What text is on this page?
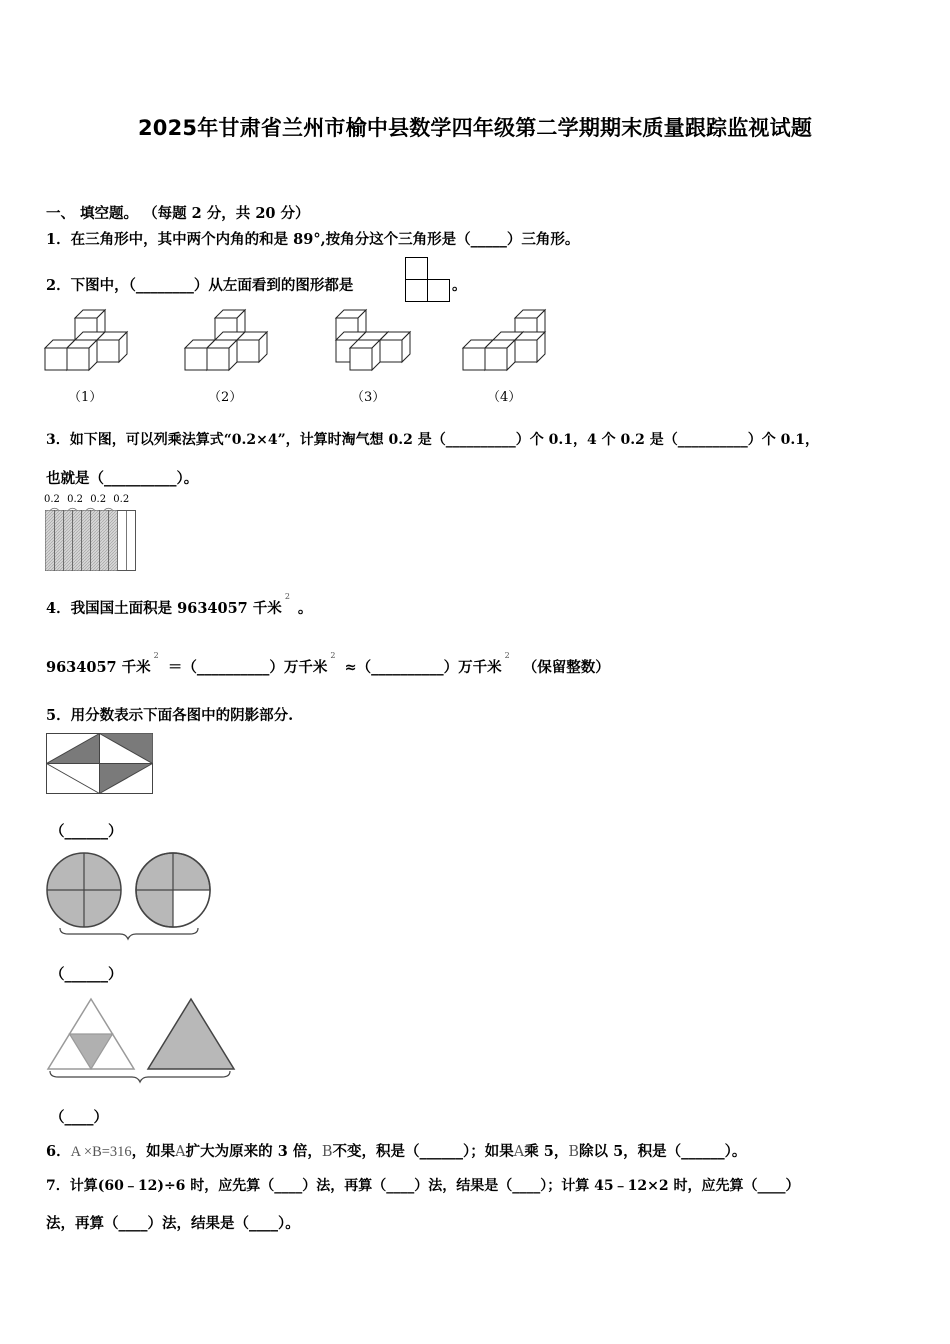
2025年甘肃省兰州市榆中县数学四年级第二学期期末质量跟踪监视试题
一、 填空题。 （每题 2 分，共 20 分）
1．在三角形中，其中两个内角的和是 89°,按角分这个三角形是（_____）三角形。
2．下图中，（________）从左面看到的图形都是	。
（1）	（2）	（3）	（4）
3．如下图，可以列乘法算式“0.2×4”，计算时淘气想 0.2 是（__________）个 0.1，4 个 0.2 是（__________）个 0.1，
也就是（__________）。
0.2 0.2 0.2 0.2
4．我国国土面积是 9634057 千米$^2$。
9634057 千米$^2$ ＝（__________）万千米$^2$ ≈（__________）万千米$^2$ （保留整数）
5．用分数表示下面各图中的阴影部分.
（______）
（______）
（____）
6．A ×B=316，如果A扩大为原来的 3 倍，B不变，积是（______）；如果A乘 5，B除以 5，积是（______）。
7．计算(60﹣12)÷6 时，应先算（____）法，再算（____）法，结果是（____）；计算 45﹣12×2 时，应先算（____）
法，再算（____）法，结果是（____）。
